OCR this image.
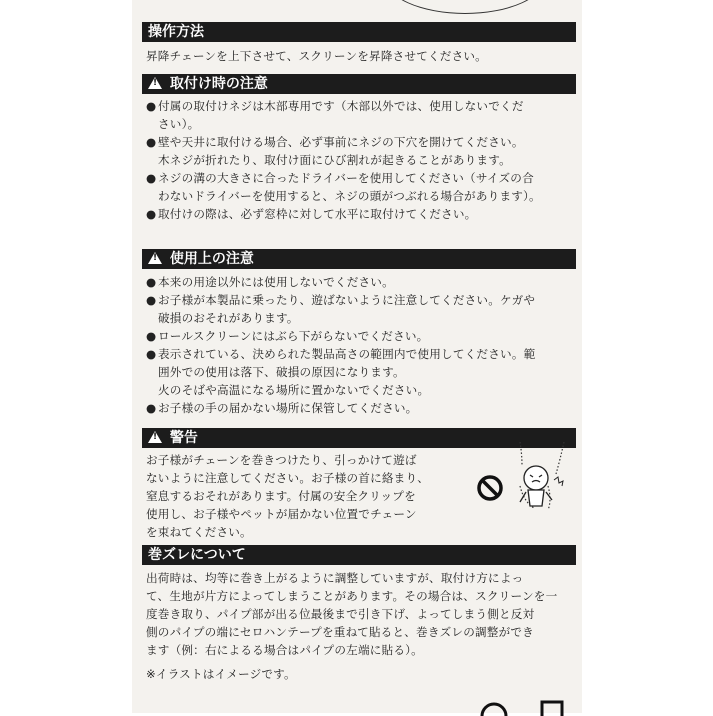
操作方法
昇降チェーンを上下させて、スクリーンを昇降させてください。
! 取付け時の注意
● 付属の取付けネジは木部専用です（木部以外では、使用しないでくだ
さい）。
● 壁や天井に取付ける場合、必ず事前にネジの下穴を開けてください。
木ネジが折れたり、取付け面にひび割れが起きることがあります。
● ネジの溝の大きさに合ったドライバーを使用してください（サイズの合
わないドライバーを使用すると、ネジの頭がつぶれる場合があります）。
● 取付けの際は、必ず窓枠に対して水平に取付けてください。
! 使用上の注意
● 本来の用途以外には使用しないでください。
● お子様が本製品に乗ったり、遊ばないように注意してください。ケガや
破損のおそれがあります。
● ロールスクリーンにはぶら下がらないでください。
● 表示されている、決められた製品高さの範囲内で使用してください。範
囲外での使用は落下、破損の原因になります。
火のそばや高温になる場所に置かないでください。
● お子様の手の届かない場所に保管してください。
! 警告
お子様がチェーンを巻きつけたり、引っかけて遊ば
ないように注意してください。お子様の首に絡まり、
窒息するおそれがあります。付属の安全クリップを
使用し、お子様やペットが届かない位置でチェーン
を束ねてください。
巻ズレについて
出荷時は、均等に巻き上がるように調整していますが、取付け方によっ
て、生地が片方によってしまうことがあります。その場合は、スクリーンを一
度巻き取り、パイプ部が出る位最後まで引き下げ、よってしまう側と反対
側のパイプの端にセロハンテープを重ねて貼ると、巻きズレの調整ができ
ます（例：右によるる場合はパイプの左端に貼る）。
※イラストはイメージです。
